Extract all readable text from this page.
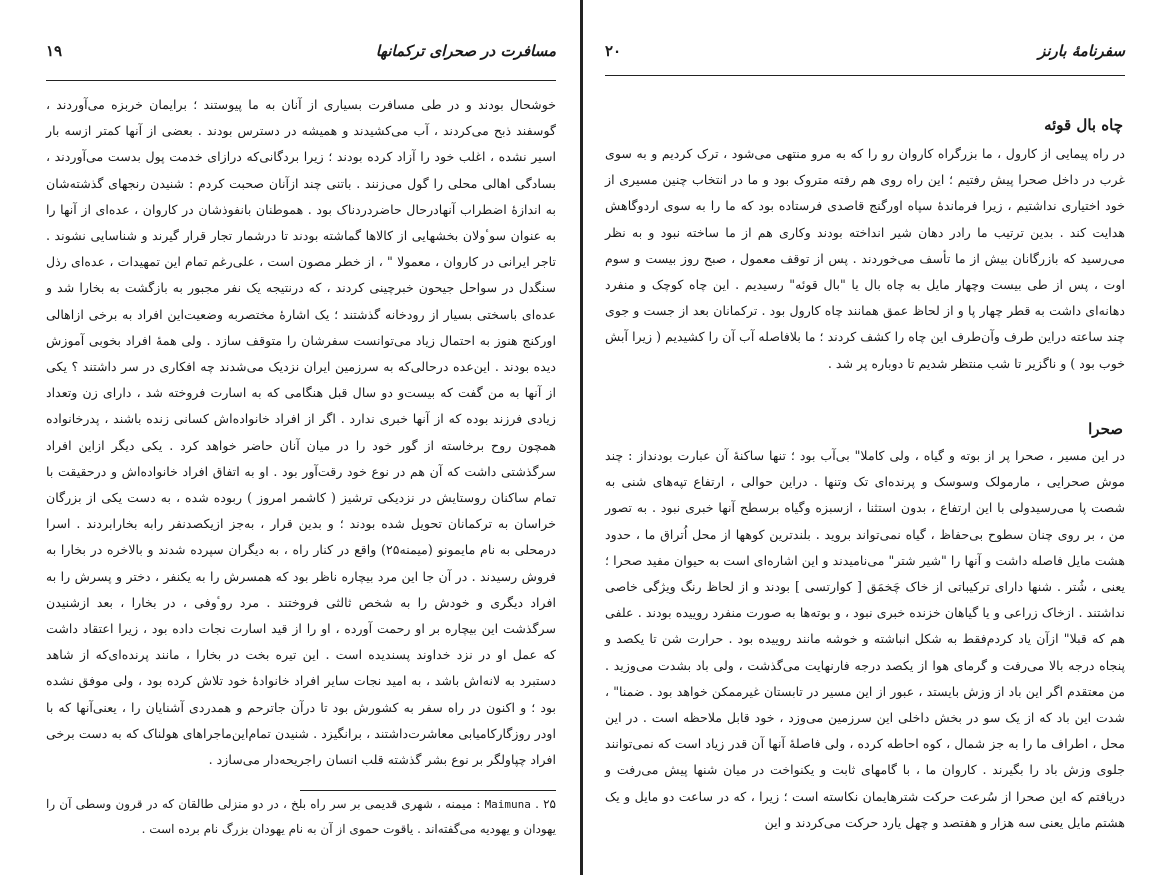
مسافرت در صحرای ترکمانها
۱۹

خوشحال بودند و در طی مسافرت بسیاری از آنان به ما پیوستند ؛ برایمان خربزه می‌آوردند ، گوسفند ذبح می‌کردند ، آب می‌کشیدند و همیشه در دسترس بودند . بعضی از آنها کمتر ازسه بار اسیر نشده ، اغلب خود را آزاد کرده بودند ؛ زیرا بردگانی‌که درازای خدمت پول بدست می‌آوردند ، بسادگی اهالی محلی را گول می‌زنند . باتنی چند ازآنان صحبت کردم : شنیدن رنجهای گذشته‌شان به اندازه‌ٔ اضطراب آنهادرحال حاضردردناک بود . هموطنان بانفوذشان در کاروان ، عده‌ای از آنها را به عنوان سوٴولان بخشهایی از کالاها گماشته بودند تا درشمار تجار قرار گیرند و شناسایی نشوند . تاجر ایرانی در کاروان ، معمولا " ، از خطر مصون است ، علی‌رغم تمام این تمهیدات ، عده‌ای رذل سنگدل در سواحل جیحون خبرچینی کردند ، که درنتیجه یک نفر مجبور به بازگشت به بخارا شد و عده‌ای باسختی بسیار از رودخانه گذشتند ؛ یک اشاره‌ٔ مختصربه وضعیت‌این افراد به برخی ازاهالی اورکنج هنوز به احتمال زیاد می‌توانست سفرشان را متوقف سازد . ولی همه‌ٔ افراد بخوبی آموزش دیده بودند . این‌عده درحالی‌که به سرزمین ایران نزدیک می‌شدند چه افکاری در سر داشتند ؟ یکی از آنها به من گفت که بیست‌و دو سال قبل هنگامی که به اسارت فروخته شد ، دارای زن وتعداد زیادی فرزند بوده که از آنها خبری ندارد . اگر از افراد خانواده‌اش کسانی زنده باشند ، پدرخانواده همچون روح برخاسته از گور خود را در میان آنان حاضر خواهد کرد . یکی دیگر ازاین افراد سرگذشتی داشت که آن هم در نوع خود رقت‌آور بود . او به اتفاق افراد خانواده‌اش و درحقیقت با تمام ساکنان روستایش در نزدیکی ترشیز ( کاشمر امروز ) ربوده شده ، به دست یکی از بزرگان خراسان به ترکمانان تحویل شده بودند ؛ و بدین قرار ، به‌جز ازیکصدنفر رابه بخارابردند . اسرا درمحلی به نام مایمونو (میمنه۲۵) واقع در کنار راه ، به دیگران سپرده شدند و بالاخره در بخارا به فروش رسیدند . در آن جا این مرد بیچاره ناظر بود که همسرش را به یکنفر ، دختر و پسرش را به افراد دیگری و خودش را به شخص ثالثی فروختند . مرد روٴوفی ، در بخارا ، بعد ازشنیدن سرگذشت این بیچاره بر او رحمت آورده ، او را از قید اسارت نجات داده بود ، زیرا اعتقاد داشت که عمل او در نزد خداوند پسندیده است . این تیره بخت در بخارا ، مانند پرنده‌ای‌که از شاهد دستبرد به لانه‌اش باشد ، به امید نجات سایر افراد خانواده‌ٔ خود تلاش کرده بود ، ولی موفق نشده بود ؛ و اکنون در راه سفر به کشورش بود تا درآن جاترحم و همدردی آشنایان را ، یعنی‌آنها که با اودر روزگارکامیابی معاشرت‌داشتند ، برانگیزد . شنیدن تمام‌این‌ماجراهای هولناک که به دست برخی افراد چپاولگر بر نوع بشر گذشته قلب انسان راجریحه‌دار می‌سازد .

۲۵ . Maimuna : میمنه ، شهری قدیمی بر سر راه بلخ ، در دو منزلی طالقان که در قرون وسطی آن را یهودان و یهودیه می‌گفته‌اند . یاقوت حموی از آن به نام یهودان بزرگ نام برده است .
سفرنامه‌ٔ بارنز
۲۰
چاه بال قوئه

در راه پیمایی از کارول ، ما بزرگراه کاروان رو را که به مرو منتهی می‌شود ، ترک کردیم و به سوی غرب در داخل صحرا پیش رفتیم ؛ این راه روی هم رفته متروک بود و ما در انتخاب چنین مسیری از خود اختیاری نداشتیم ، زیرا فرمانده‌ٔ سپاه اورگنج قاصدی فرستاده بود که ما را به سوی اردوگاهش هدایت کند . بدین ترتیب ما رادر دهان شیر انداخته بودند وکاری هم از ما ساخته نبود و به نظر می‌رسید که بازرگانان بیش از ما تأسف می‌خوردند . پس از توقف معمول ، صبح روز بیست و سوم اوت ، پس از طی بیست وچهار مایل به چاه بال یا "بال قوئه" رسیدیم . این چاه کوچک و منفرد دهانه‌ای داشت به قطر چهار پا و از لحاظ عمق همانند چاه کارول بود . ترکمانان بعد از جست و جوی چند ساعته دراین طرف وآن‌طرف این چاه را کشف کردند ؛ ما بلافاصله آب آن را کشیدیم ( زیرا آبش خوب بود ) و ناگزیر تا شب منتظر شدیم تا دوباره پر شد .

صحرا

در این مسیر ، صحرا پر از بوته و گیاه ، ولی کاملا" بی‌آب بود ؛ تنها ساکنه‌ٔ آن عبارت بودنداز : چند موش صحرایی ، مارمولک وسوسک و پرنده‌ای تک وتنها . دراین حوالی ، ارتفاع تپه‌های شنی به شصت پا می‌رسیدولی با این ارتفاع ، بدون استثنا ، ازسبزه وگیاه برسطح آنها خبری نبود . به تصور من ، بر روی چنان سطوح بی‌حفاظ ، گیاه نمی‌تواند بروید . بلندترین کوهها از محل اُتراق ما ، حدود هشت مایل فاصله داشت و آنها را "شیر شتر" می‌نامیدند و این اشاره‌ای است به حیوان مفید صحرا ؛ یعنی ، شُتر . شنها دارای ترکیباتی از خاک چَخمَق [ کوارتسی ] بودند و از لحاظ رنگ ویژگی خاصی نداشتند . ازخاک زراعی و یا گیاهان خزنده خبری نبود ، و بوته‌ها به صورت منفرد روییده بودند . علفی هم که قبلا" ازآن یاد کردم‌فقط به شکل انباشته و خوشه مانند روییده بود . حرارت شن تا یکصد و پنجاه درجه بالا می‌رفت و گرمای هوا از یکصد درجه فارنهایت می‌گذشت ، ولی باد بشدت می‌وزید . من معتقدم اگر این باد از وزش بایستد ، عبور از این مسیر در تابستان غیرممکن خواهد بود . ضمنا" ، شدت این باد که از یک سو در بخش داخلی این سرزمین می‌وزد ، خود قابل ملاحظه است . در این محل ، اطراف ما را به جز شمال ، کوه احاطه کرده ، ولی فاصله‌ٔ آنها آن قدر زیاد است که نمی‌توانند جلوی وزش باد را بگیرند . کاروان ما ، با گامهای ثابت و یکنواخت در میان شنها پیش می‌رفت و دریافتم که این صحرا از سُرعت حرکت شترهایمان نکاسته است ؛ زیرا ، که در ساعت دو مایل و یک هشتم مایل یعنی سه هزار و هفتصد و چهل یارد حرکت می‌کردند و این
